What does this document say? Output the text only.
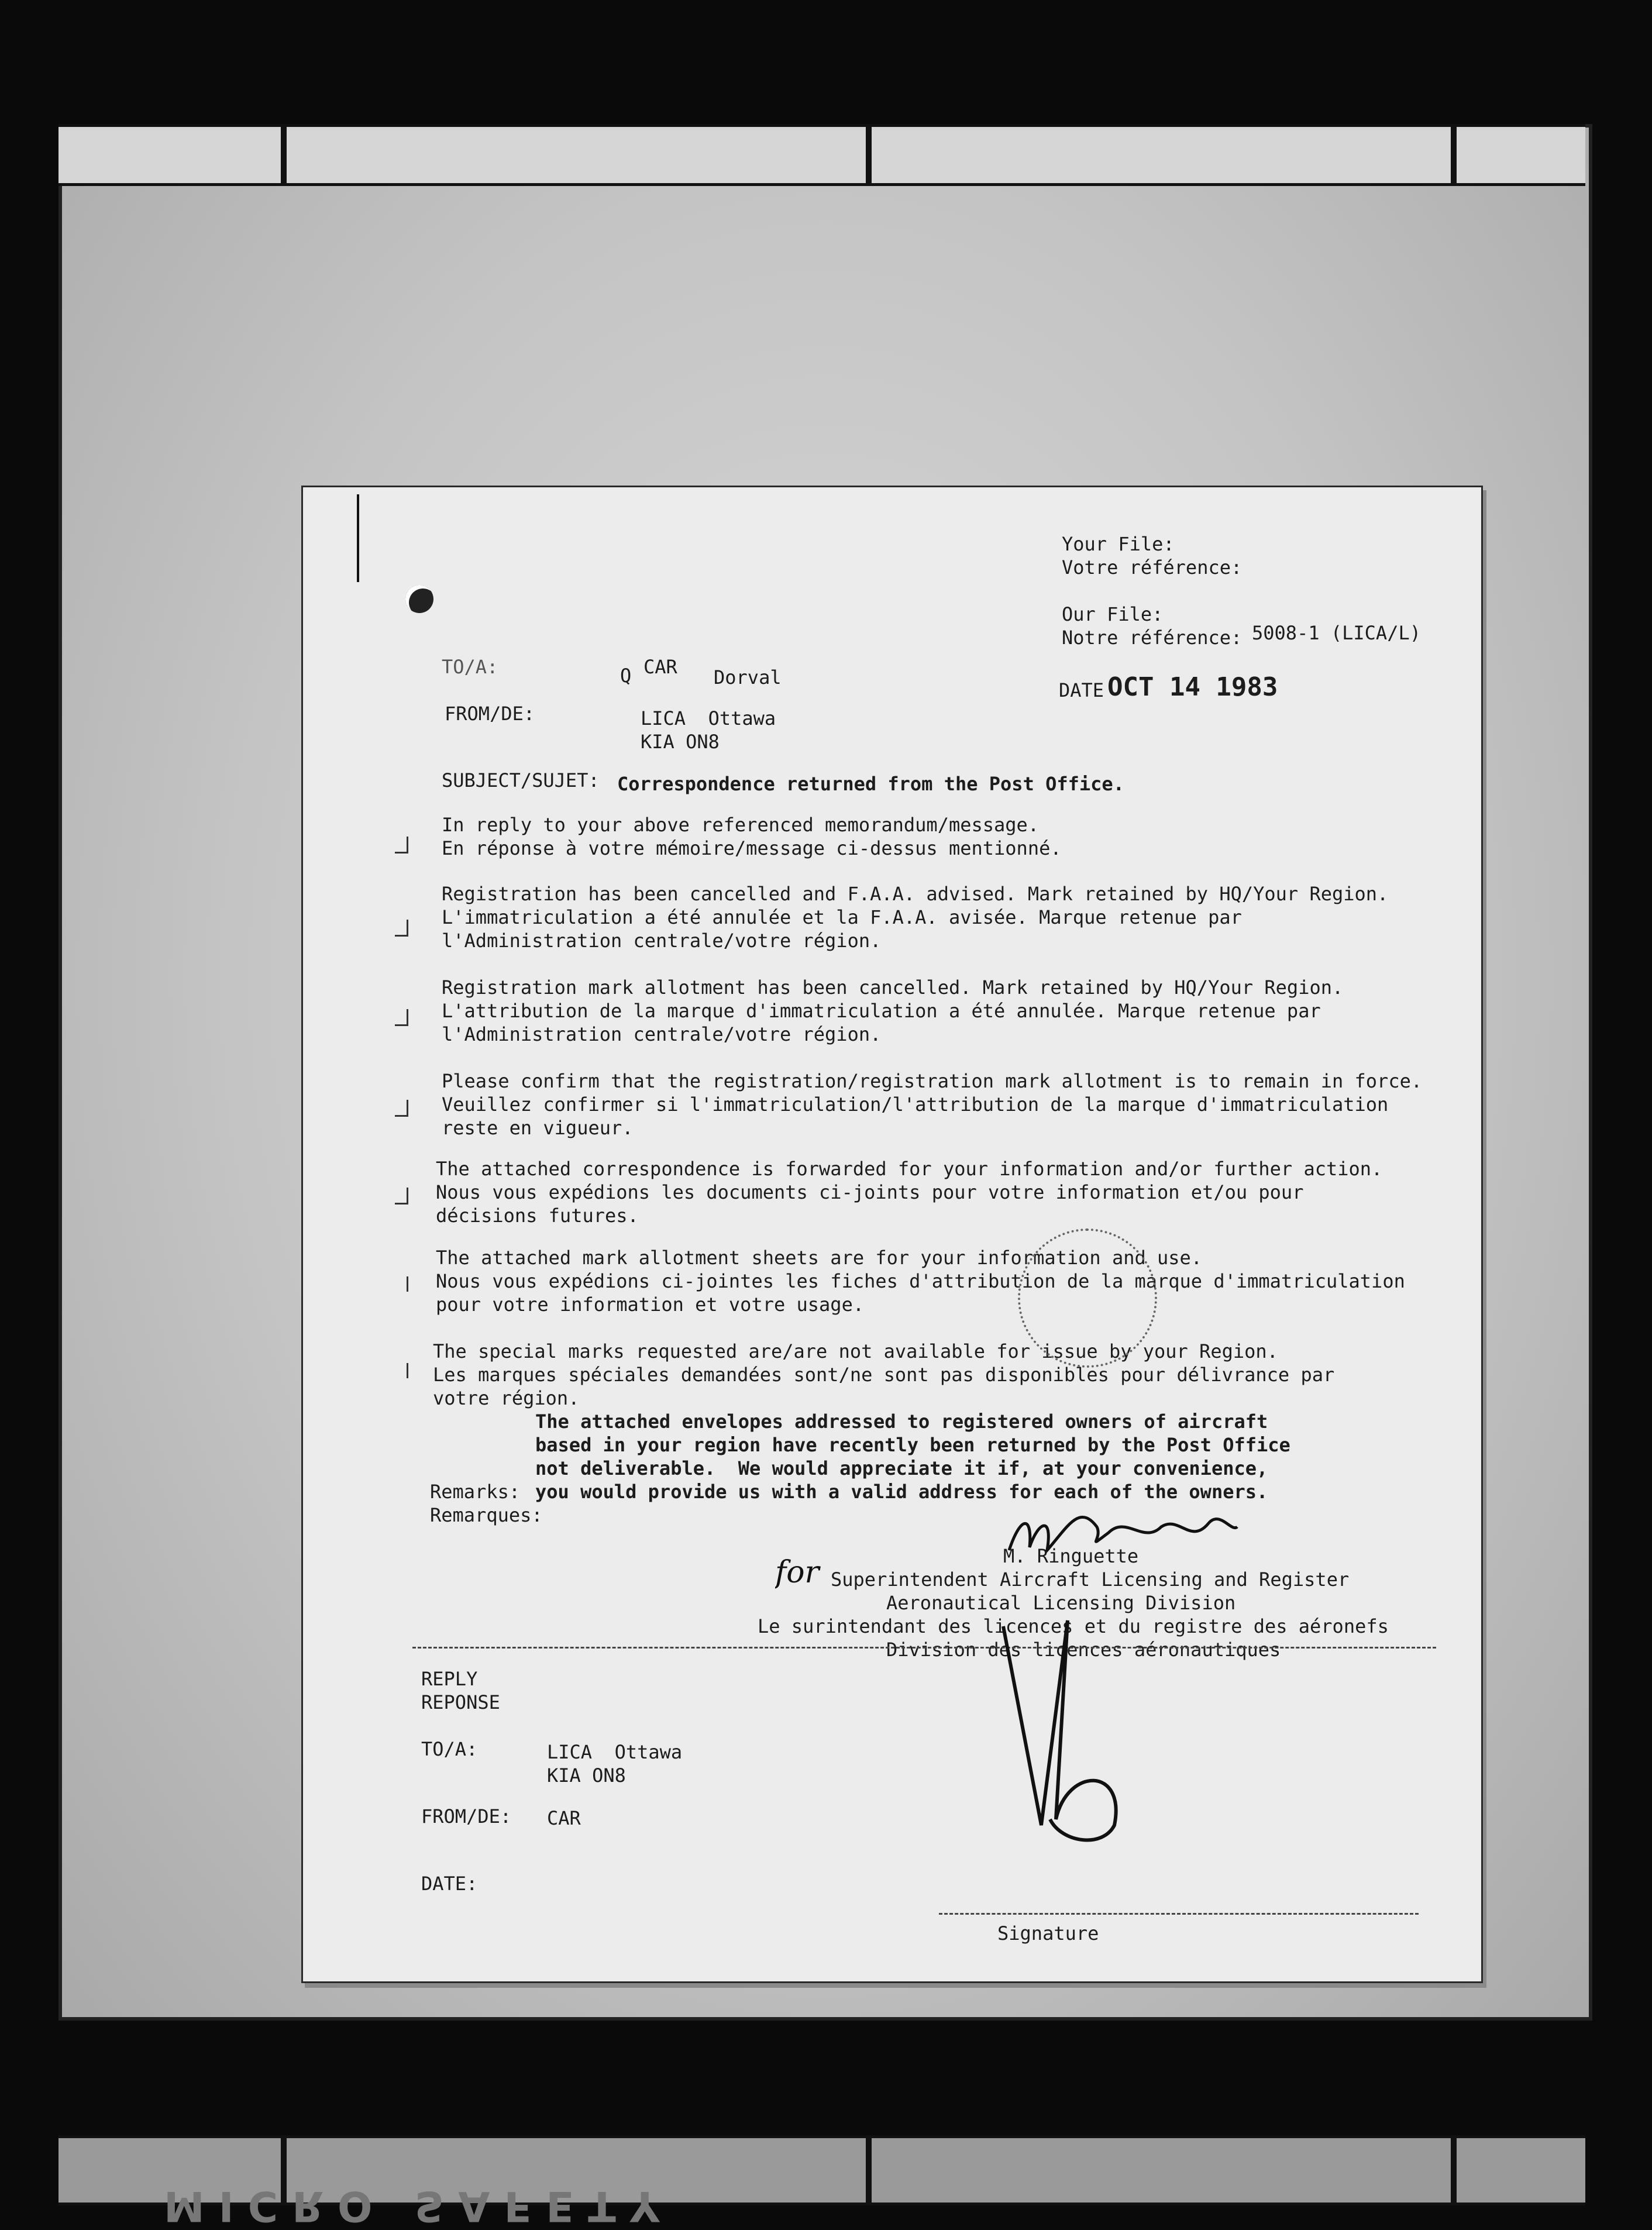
MICRO SAFETY
Your File:
Votre référence:
Our File:
Notre référence: 5008-1 (LICA/L)
TO/A:	Q CAR Dorval
DATE OCT 14 1983
FROM/DE:	LICA  Ottawa
KIA ON8
SUBJECT/SUJET: Correspondence returned from the Post Office.
In reply to your above referenced memorandum/message.
En réponse à votre mémoire/message ci-dessus mentionné.
Registration has been cancelled and F.A.A. advised. Mark retained by HQ/Your Region.
L'immatriculation a été annulée et la F.A.A. avisée. Marque retenue par
l'Administration centrale/votre région.
Registration mark allotment has been cancelled. Mark retained by HQ/Your Region.
L'attribution de la marque d'immatriculation a été annulée. Marque retenue par
l'Administration centrale/votre région.
Please confirm that the registration/registration mark allotment is to remain in force.
Veuillez confirmer si l'immatriculation/l'attribution de la marque d'immatriculation
reste en vigueur.
The attached correspondence is forwarded for your information and/or further action.
Nous vous expédions les documents ci-joints pour votre information et/ou pour
décisions futures.
The attached mark allotment sheets are for your information and use.
Nous vous expédions ci-jointes les fiches d'attribution de la marque d'immatriculation
pour votre information et votre usage.
The special marks requested are/are not available for issue by your Region.
Les marques spéciales demandées sont/ne sont pas disponibles pour délivrance par
votre région.
The attached envelopes addressed to registered owners of aircraft
based in your region have recently been returned by the Post Office
not deliverable.  We would appreciate it if, at your convenience,
you would provide us with a valid address for each of the owners.
Remarks:
Remarques:
for	M. Ringuette
Superintendent Aircraft Licensing and Register
Aeronautical Licensing Division
Le surintendant des licences et du registre des aéronefs
Division des licences aéronautiques
REPLY
REPONSE
TO/A:	LICA  Ottawa
KIA ON8
FROM/DE: CAR
DATE:
Signature
